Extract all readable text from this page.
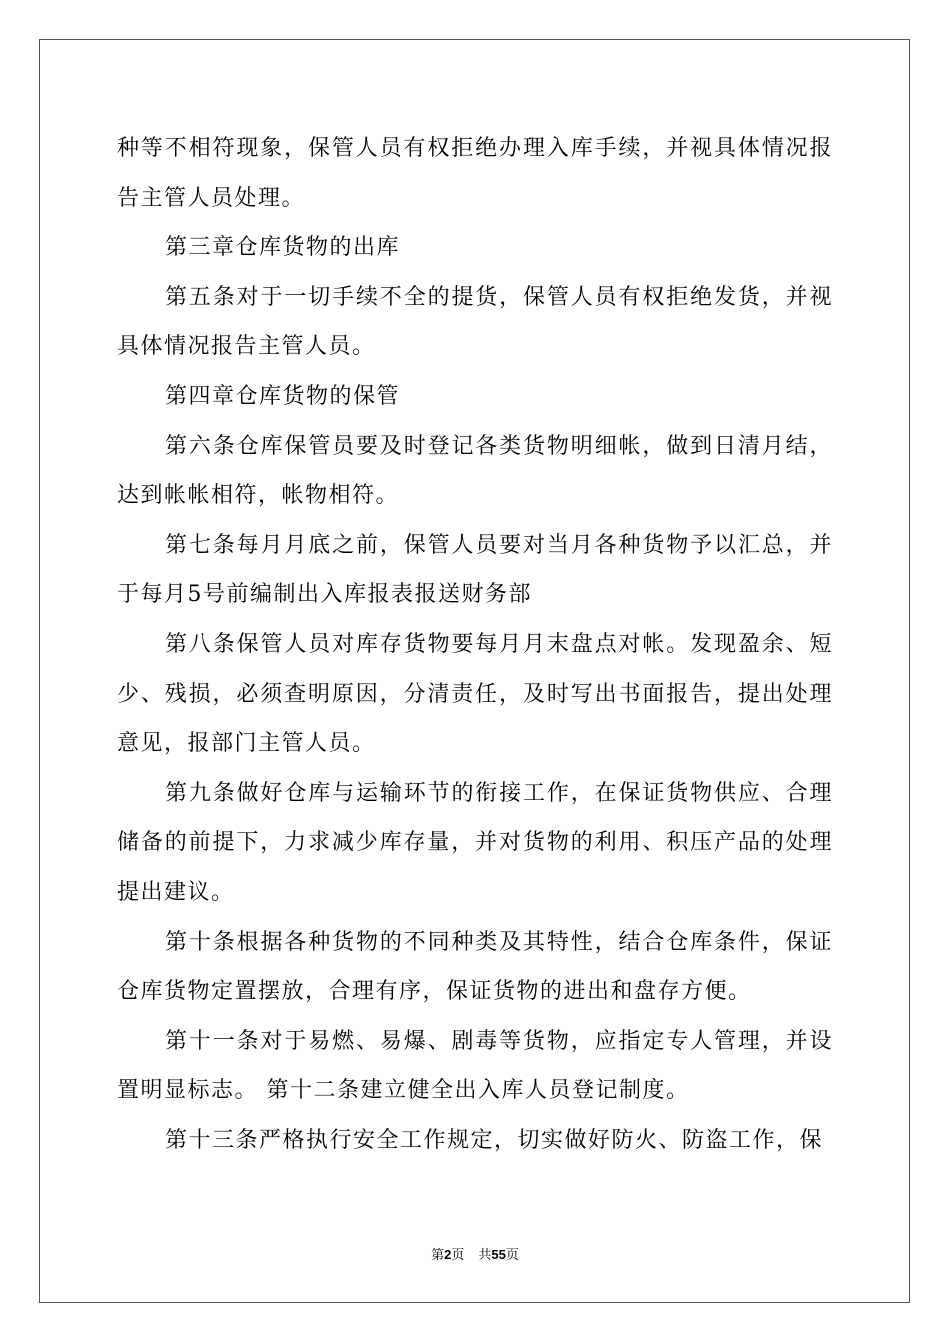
种等不相符现象，保管人员有权拒绝办理入库手续，并视具体情况报告主管人员处理。

第三章仓库货物的出库

第五条对于一切手续不全的提货，保管人员有权拒绝发货，并视具体情况报告主管人员。

第四章仓库货物的保管

第六条仓库保管员要及时登记各类货物明细帐，做到日清月结，达到帐帐相符，帐物相符。

第七条每月月底之前，保管人员要对当月各种货物予以汇总，并于每月5号前编制出入库报表报送财务部

第八条保管人员对库存货物要每月月末盘点对帐。发现盈余、短少、残损，必须查明原因，分清责任，及时写出书面报告，提出处理意见，报部门主管人员。

第九条做好仓库与运输环节的衔接工作，在保证货物供应、合理储备的前提下，力求减少库存量，并对货物的利用、积压产品的处理提出建议。

第十条根据各种货物的不同种类及其特性，结合仓库条件，保证仓库货物定置摆放，合理有序，保证货物的进出和盘存方便。

第十一条对于易燃、易爆、剧毒等货物，应指定专人管理，并设置明显标志。 第十二条建立健全出入库人员登记制度。

第十三条严格执行安全工作规定，切实做好防火、防盗工作，保

第2页 共55页
